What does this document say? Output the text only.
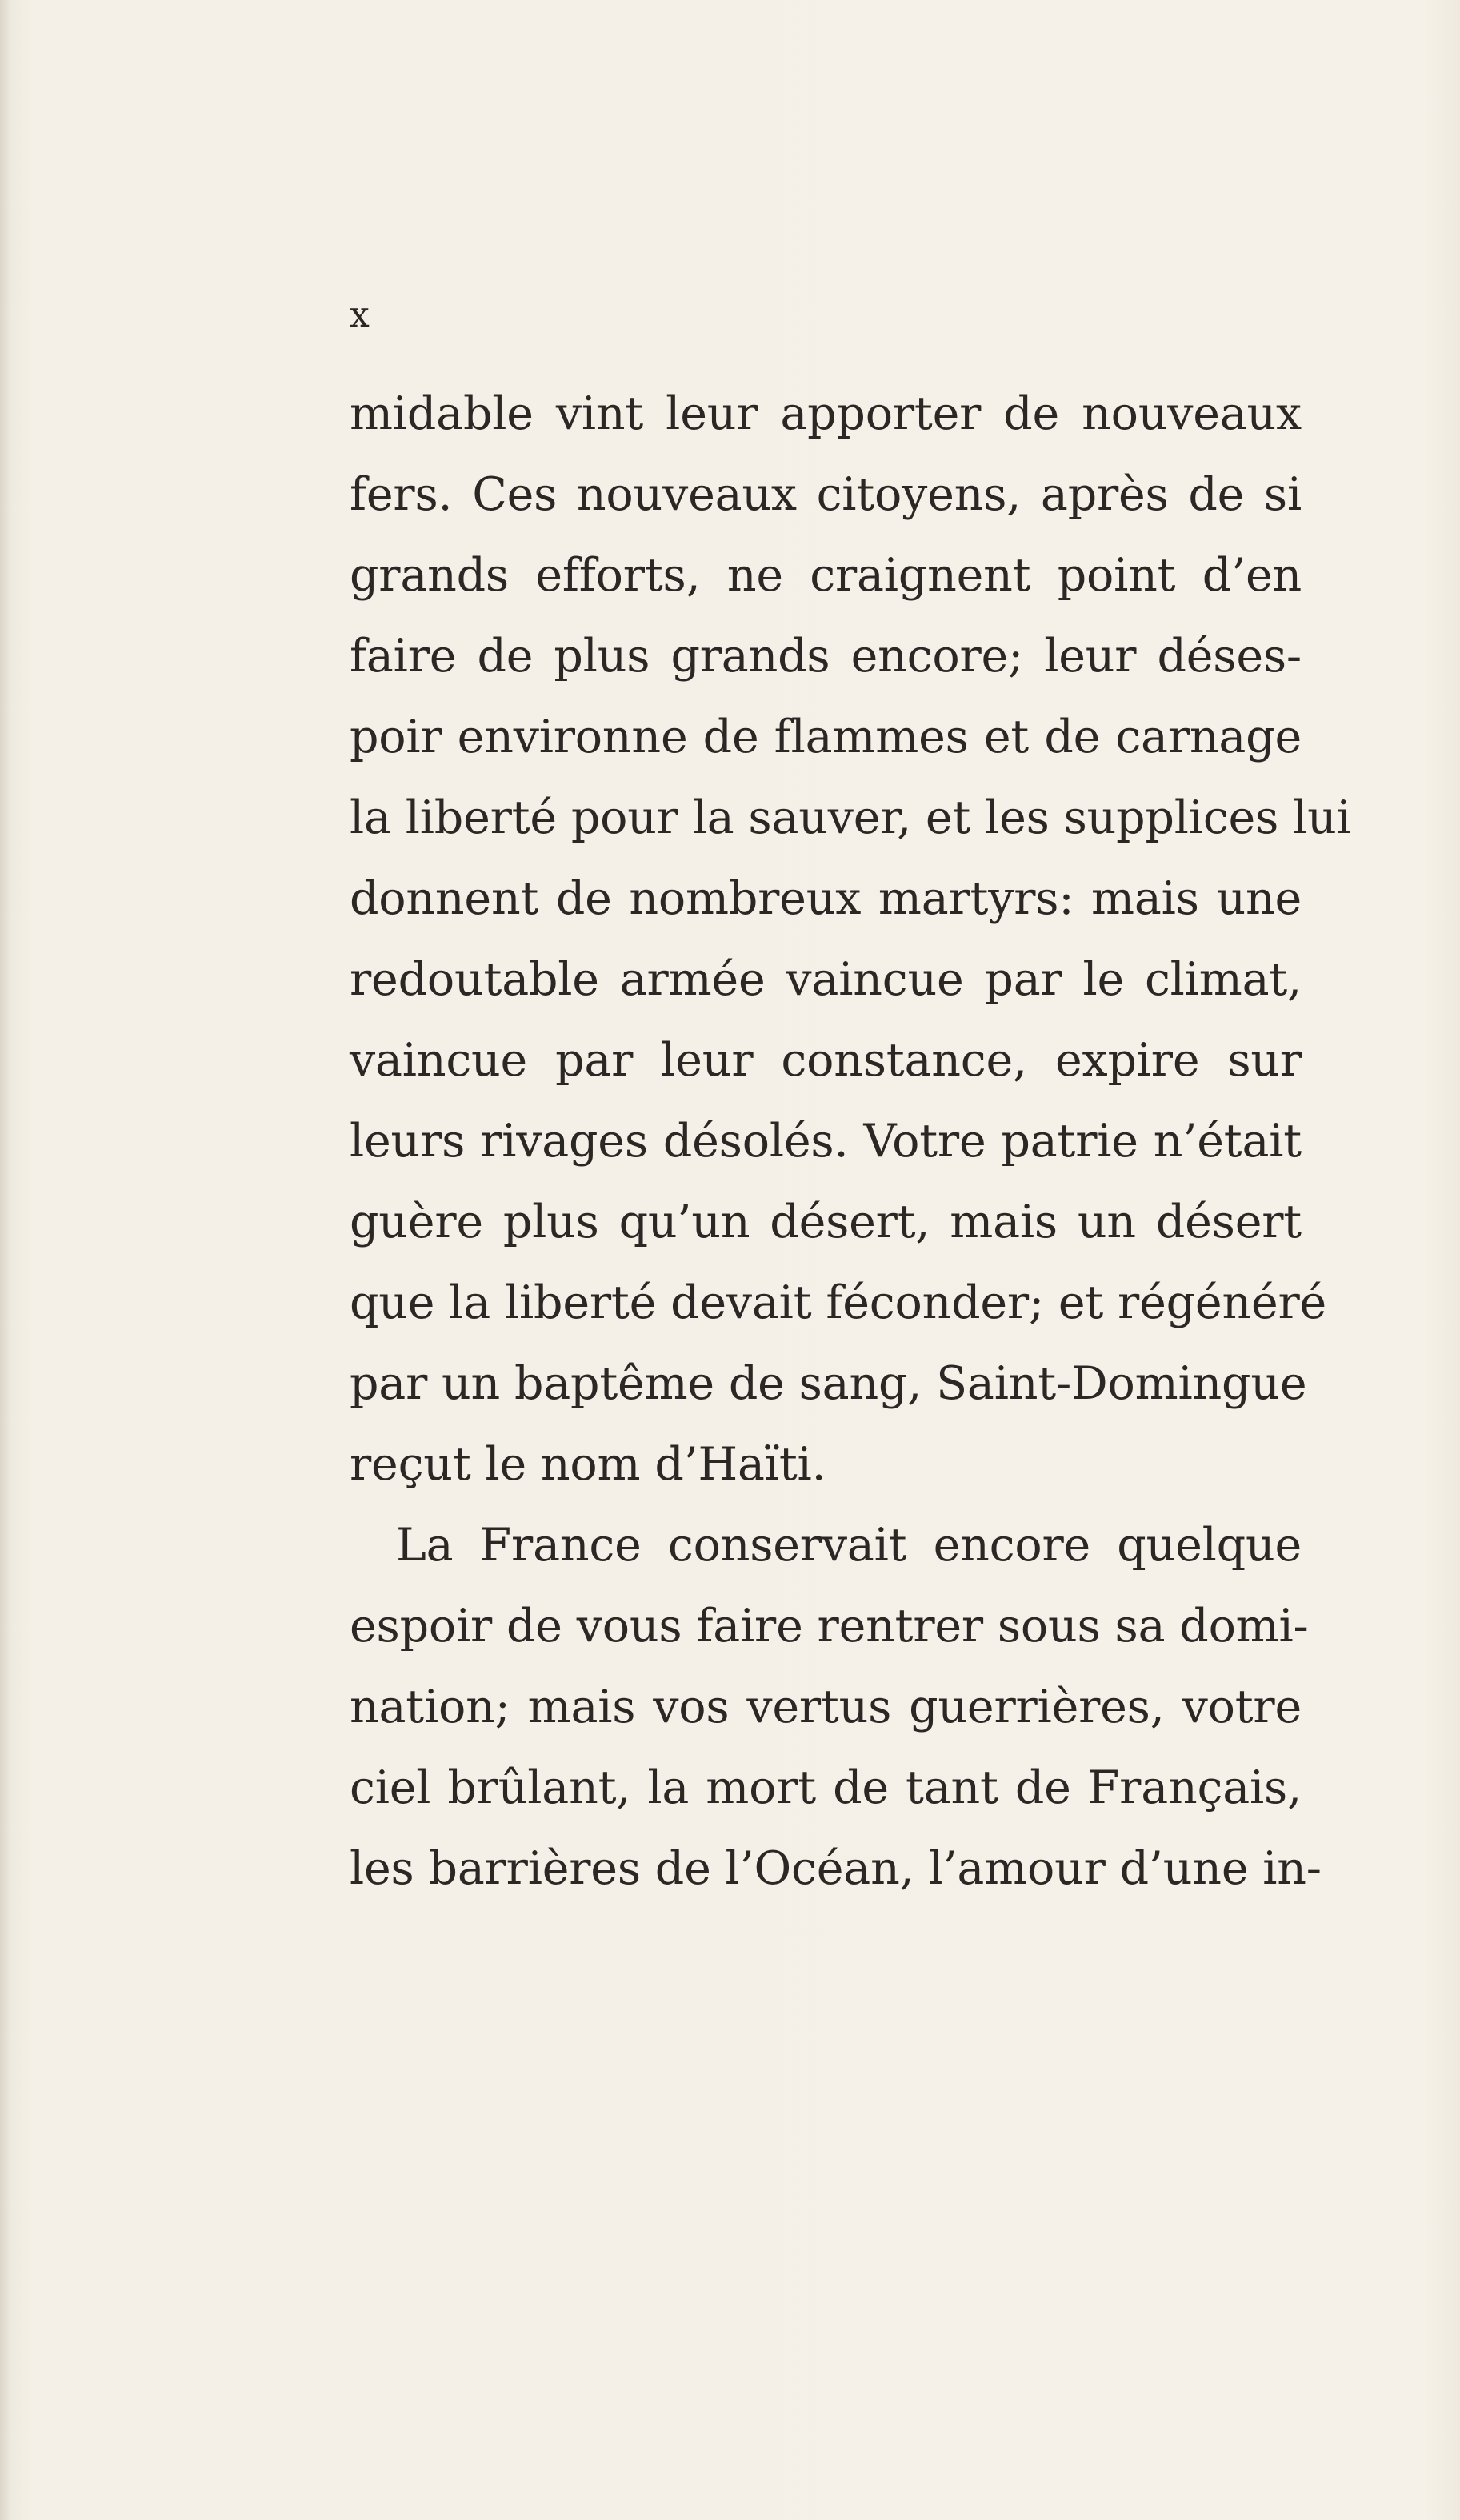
x
midable vint leur apporter de nouveaux
fers. Ces nouveaux citoyens, après de si
grands efforts, ne craignent point d’en
faire de plus grands encore; leur déses-
poir environne de flammes et de carnage
la liberté pour la sauver, et les supplices lui
donnent de nombreux martyrs: mais une
redoutable armée vaincue par le climat,
vaincue par leur constance, expire sur
leurs rivages désolés. Votre patrie n’était
guère plus qu’un désert, mais un désert
que la liberté devait féconder; et régénéré
par un baptême de sang, Saint-Domingue
reçut le nom d’Haïti.
La France conservait encore quelque
espoir de vous faire rentrer sous sa domi-
nation; mais vos vertus guerrières, votre
ciel brûlant, la mort de tant de Français,
les barrières de l’Océan, l’amour d’une in-
